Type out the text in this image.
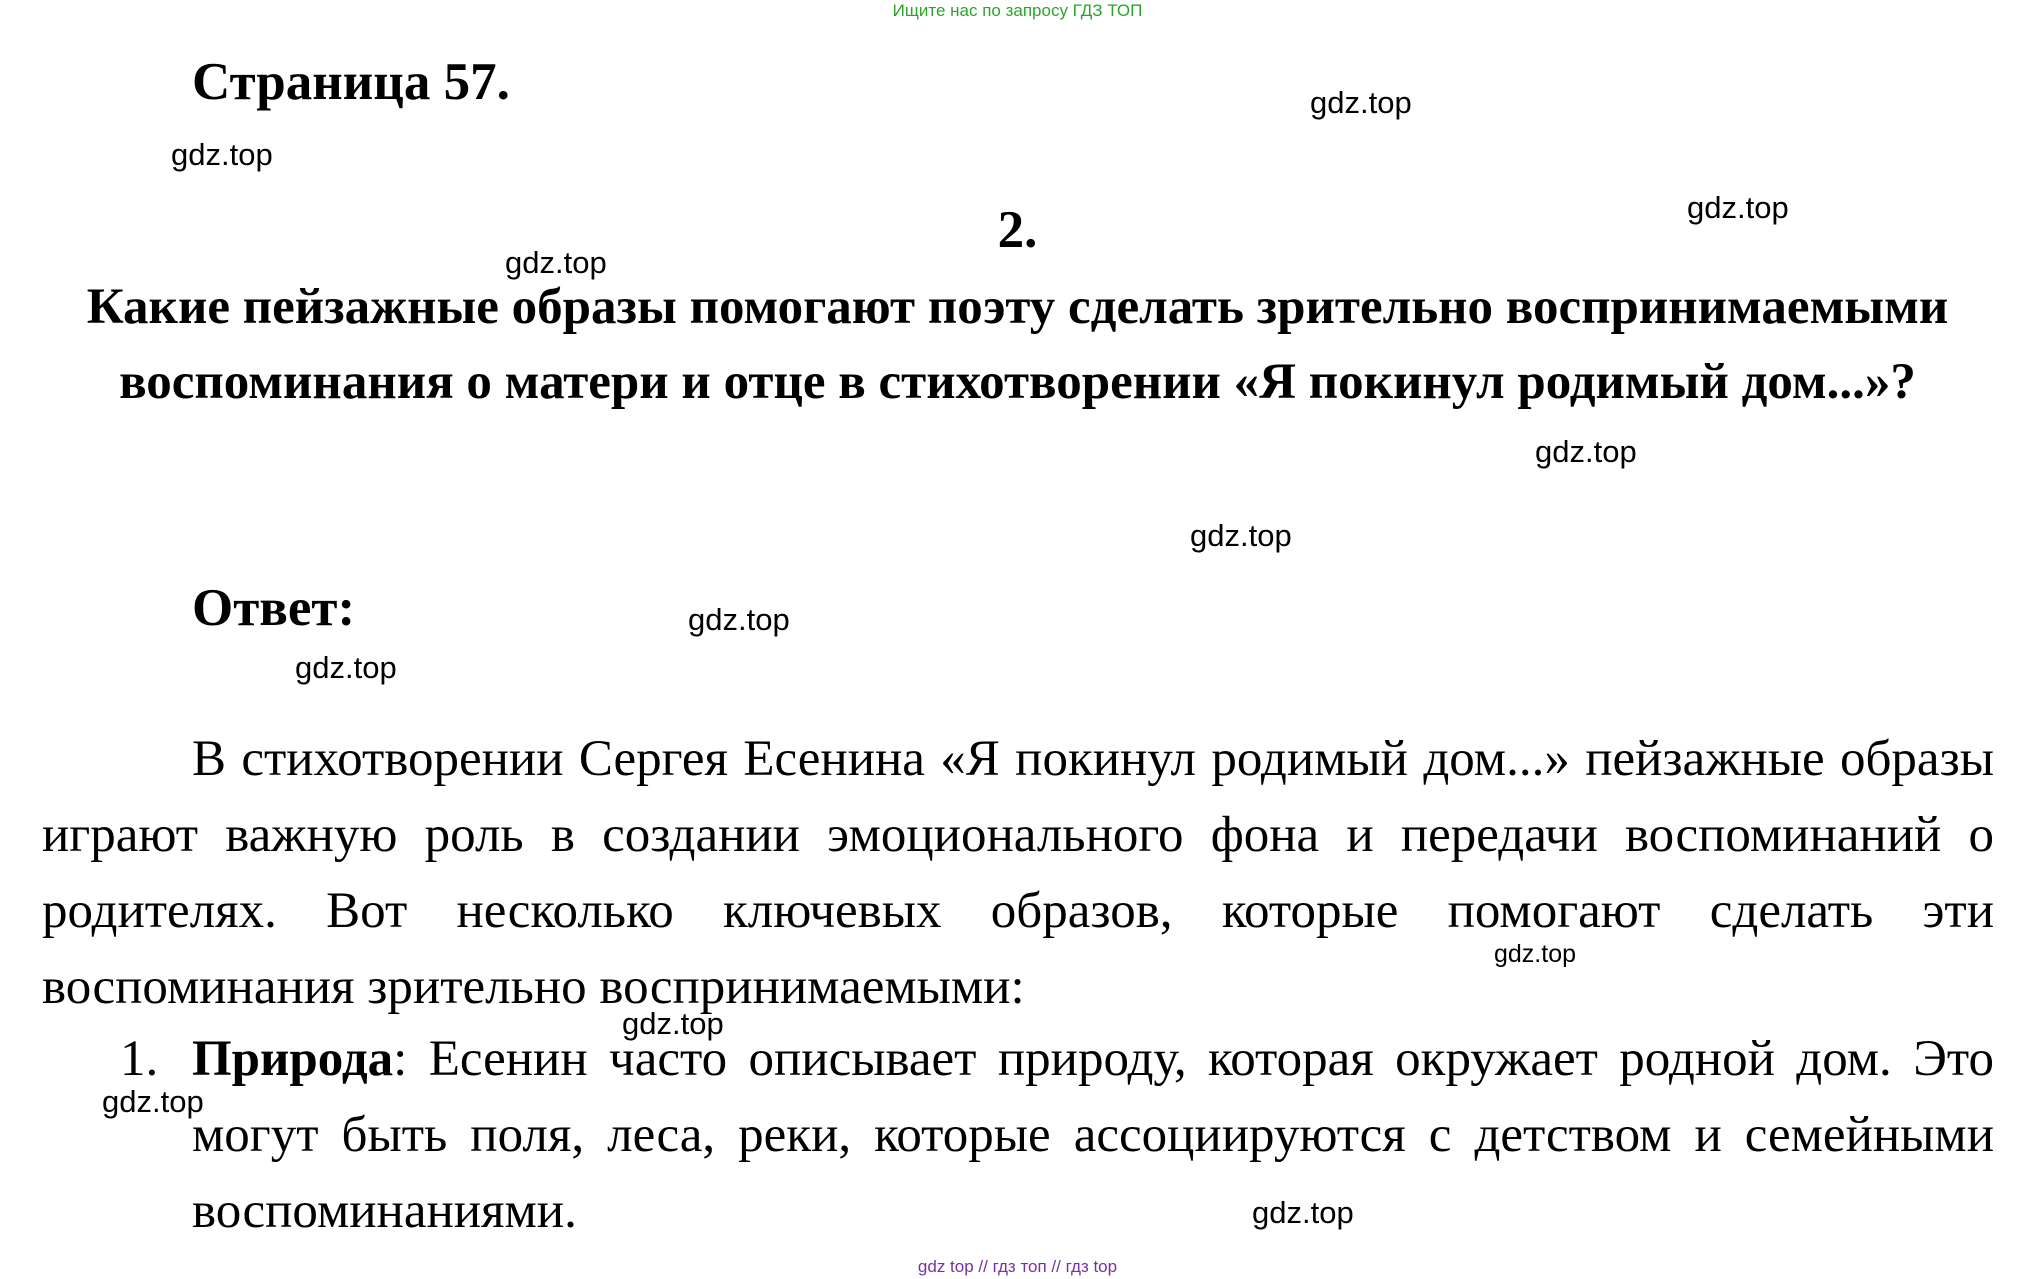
Ищите нас по запросу ГДЗ ТОП
Страница 57.
2.
Какие пейзажные образы помогают поэту сделать зрительно воспринимаемыми воспоминания о матери и отце в стихотворении «Я покинул родимый дом...»?
Ответ:

В стихотворении Сергея Есенина «Я покинул родимый дом...» пейзажные образы играют важную роль в создании эмоционального фона и передачи воспоминаний о родителях. Вот несколько ключевых образов, которые помогают сделать эти воспоминания зрительно воспринимаемыми:

1. Природа: Есенин часто описывает природу, которая окружает родной дом. Это могут быть поля, леса, реки, которые ассоциируются с детством и семейными воспоминаниями.
gdz.top
gdz.top
gdz.top
gdz.top
gdz.top
gdz.top
gdz.top
gdz.top
gdz.top
gdz.top
gdz.top
gdz.top
gdz top // гдз топ // гдз top
